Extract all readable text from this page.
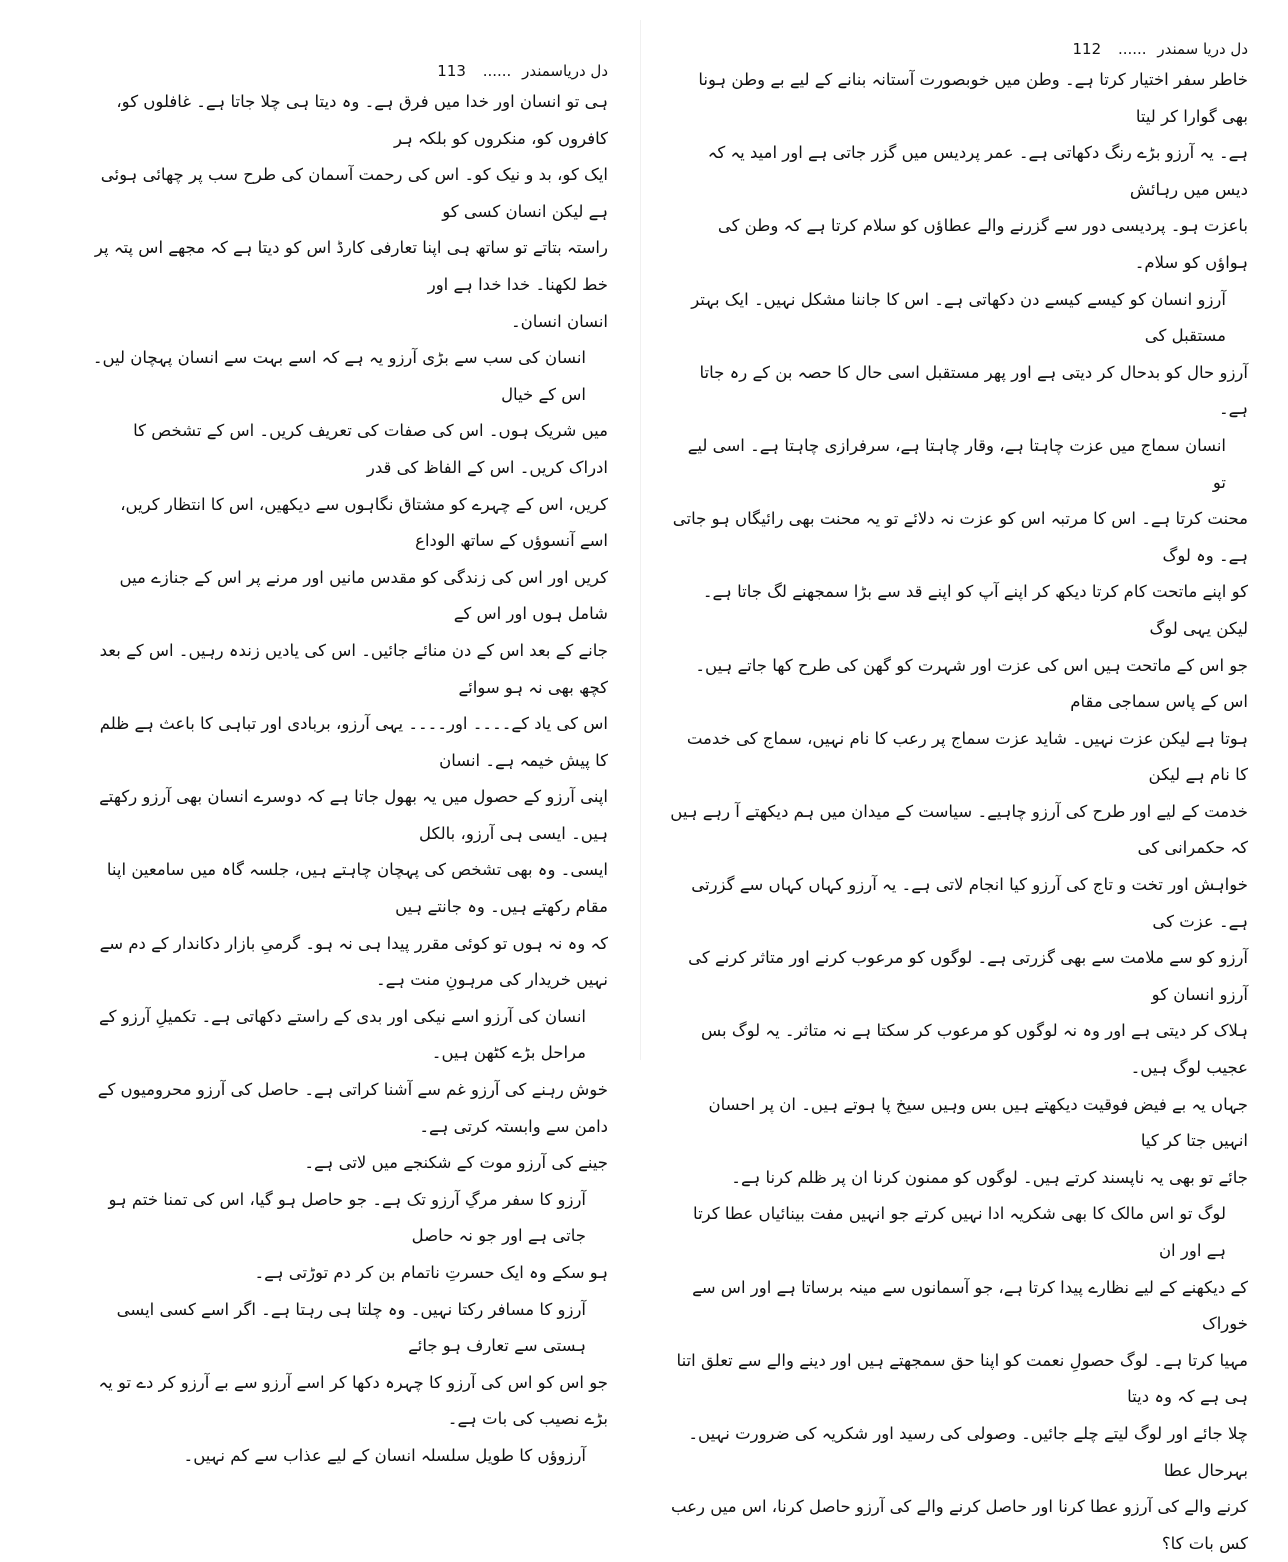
دل دریاسمندر ...... 113

ہی تو انسان اور خدا میں فرق ہے۔ وہ دیتا ہی چلا جاتا ہے۔ غافلوں کو، کافروں کو، منکروں کو بلکہ ہر

ایک کو، بد و نیک کو۔ اس کی رحمت آسمان کی طرح سب پر چھائی ہوئی ہے لیکن انسان کسی کو

راستہ بتاتے تو ساتھ ہی اپنا تعارفی کارڈ اس کو دیتا ہے کہ مجھے اس پتہ پر خط لکھنا۔ خدا خدا ہے اور

انسان انسان۔

انسان کی سب سے بڑی آرزو یہ ہے کہ اسے بہت سے انسان پہچان لیں۔ اس کے خیال

میں شریک ہوں۔ اس کی صفات کی تعریف کریں۔ اس کے تشخص کا ادراک کریں۔ اس کے الفاظ کی قدر

کریں، اس کے چہرے کو مشتاق نگاہوں سے دیکھیں، اس کا انتظار کریں، اسے آنسوؤں کے ساتھ الوداع

کریں اور اس کی زندگی کو مقدس مانیں اور مرنے پر اس کے جنازے میں شامل ہوں اور اس کے

جانے کے بعد اس کے دن منائے جائیں۔ اس کی یادیں زندہ رہیں۔ اس کے بعد کچھ بھی نہ ہو سوائے

اس کی یاد کے۔۔۔۔ اور۔۔۔۔ یہی آرزو، بربادی اور تباہی کا باعث ہے ظلم کا پیش خیمہ ہے۔ انسان

اپنی آرزو کے حصول میں یہ بھول جاتا ہے کہ دوسرے انسان بھی آرزو رکھتے ہیں۔ ایسی ہی آرزو، بالکل

ایسی۔ وہ بھی تشخص کی پہچان چاہتے ہیں، جلسہ گاہ میں سامعین اپنا مقام رکھتے ہیں۔ وہ جانتے ہیں

کہ وہ نہ ہوں تو کوئی مقرر پیدا ہی نہ ہو۔ گرمیِ بازار دکاندار کے دم سے نہیں خریدار کی مرہونِ منت ہے۔

انسان کی آرزو اسے نیکی اور بدی کے راستے دکھاتی ہے۔ تکمیلِ آرزو کے مراحل بڑے کٹھن ہیں۔

خوش رہنے کی آرزو غم سے آشنا کراتی ہے۔ حاصل کی آرزو محرومیوں کے دامن سے وابستہ کرتی ہے۔

جینے کی آرزو موت کے شکنجے میں لاتی ہے۔

آرزو کا سفر مرگِ آرزو تک ہے۔ جو حاصل ہو گیا، اس کی تمنا ختم ہو جاتی ہے اور جو نہ حاصل

ہو سکے وہ ایک حسرتِ ناتمام بن کر دم توڑتی ہے۔

آرزو کا مسافر رکتا نہیں۔ وہ چلتا ہی رہتا ہے۔ اگر اسے کسی ایسی ہستی سے تعارف ہو جائے

جو اس کو اس کی آرزو کا چہرہ دکھا کر اسے آرزو سے بے آرزو کر دے تو یہ بڑے نصیب کی بات ہے۔

آرزوؤں کا طویل سلسلہ انسان کے لیے عذاب سے کم نہیں۔

دل دریا سمندر ...... 112

خاطر سفر اختیار کرتا ہے۔ وطن میں خوبصورت آستانہ بنانے کے لیے بے وطن ہونا بھی گوارا کر لیتا

ہے۔ یہ آرزو بڑے رنگ دکھاتی ہے۔ عمر پردیس میں گزر جاتی ہے اور امید یہ کہ دیس میں رہائش

باعزت ہو۔ پردیسی دور سے گزرنے والے عطاؤں کو سلام کرتا ہے کہ وطن کی ہواؤں کو سلام۔

آرزو انسان کو کیسے کیسے دن دکھاتی ہے۔ اس کا جاننا مشکل نہیں۔ ایک بہتر مستقبل کی

آرزو حال کو بدحال کر دیتی ہے اور پھر مستقبل اسی حال کا حصہ بن کے رہ جاتا ہے۔

انسان سماج میں عزت چاہتا ہے، وقار چاہتا ہے، سرفرازی چاہتا ہے۔ اسی لیے تو

محنت کرتا ہے۔ اس کا مرتبہ اس کو عزت نہ دلائے تو یہ محنت بھی رائیگاں ہو جاتی ہے۔ وہ لوگ

کو اپنے ماتحت کام کرتا دیکھ کر اپنے آپ کو اپنے قد سے بڑا سمجھنے لگ جاتا ہے۔ لیکن یہی لوگ

جو اس کے ماتحت ہیں اس کی عزت اور شہرت کو گھن کی طرح کھا جاتے ہیں۔ اس کے پاس سماجی مقام

ہوتا ہے لیکن عزت نہیں۔ شاید عزت سماج پر رعب کا نام نہیں، سماج کی خدمت کا نام ہے لیکن

خدمت کے لیے اور طرح کی آرزو چاہیے۔ سیاست کے میدان میں ہم دیکھتے آ رہے ہیں کہ حکمرانی کی

خواہش اور تخت و تاج کی آرزو کیا انجام لاتی ہے۔ یہ آرزو کہاں کہاں سے گزرتی ہے۔ عزت کی

آرزو کو سے ملامت سے بھی گزرتی ہے۔ لوگوں کو مرعوب کرنے اور متاثر کرنے کی آرزو انسان کو

ہلاک کر دیتی ہے اور وہ نہ لوگوں کو مرعوب کر سکتا ہے نہ متاثر۔ یہ لوگ بس عجیب لوگ ہیں۔

جہاں یہ بے فیض فوقیت دیکھتے ہیں بس وہیں سیخ پا ہوتے ہیں۔ ان پر احسان انہیں جتا کر کیا

جائے تو بھی یہ ناپسند کرتے ہیں۔ لوگوں کو ممنون کرنا ان پر ظلم کرنا ہے۔

لوگ تو اس مالک کا بھی شکریہ ادا نہیں کرتے جو انہیں مفت بینائیاں عطا کرتا ہے اور ان

کے دیکھنے کے لیے نظارے پیدا کرتا ہے، جو آسمانوں سے مینہ برساتا ہے اور اس سے خوراک

مہیا کرتا ہے۔ لوگ حصولِ نعمت کو اپنا حق سمجھتے ہیں اور دینے والے سے تعلق اتنا ہی ہے کہ وہ دیتا

چلا جائے اور لوگ لیتے چلے جائیں۔ وصولی کی رسید اور شکریہ کی ضرورت نہیں۔ بہرحال عطا

کرنے والے کی آرزو عطا کرنا اور حاصل کرنے والے کی آرزو حاصل کرنا، اس میں رعب کس بات کا؟
